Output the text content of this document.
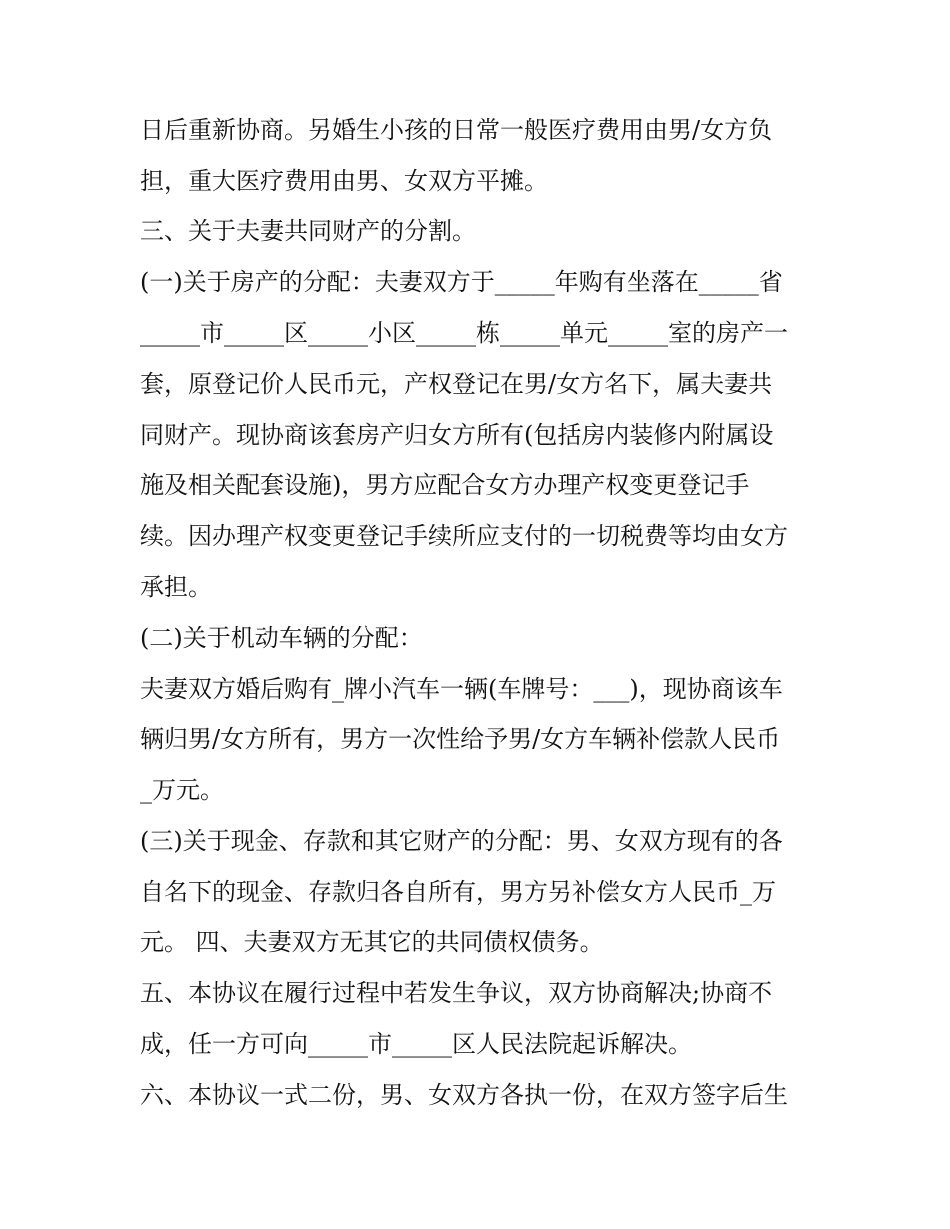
日后重新协商。另婚生小孩的日常一般医疗费用由男/女方负

担，重大医疗费用由男、女双方平摊。

三、关于夫妻共同财产的分割。

(一)关于房产的分配：夫妻双方于_____年购有坐落在_____省

_____市_____区_____小区_____栋_____单元_____室的房产一

套，原登记价人民币元，产权登记在男/女方名下，属夫妻共

同财产。现协商该套房产归女方所有(包括房内装修内附属设

施及相关配套设施)，男方应配合女方办理产权变更登记手

续。因办理产权变更登记手续所应支付的一切税费等均由女方

承担。

(二)关于机动车辆的分配：

夫妻双方婚后购有_牌小汽车一辆(车牌号：___)，现协商该车

辆归男/女方所有，男方一次性给予男/女方车辆补偿款人民币

_万元。

(三)关于现金、存款和其它财产的分配：男、女双方现有的各

自名下的现金、存款归各自所有，男方另补偿女方人民币_万

元。 四、夫妻双方无其它的共同债权债务。

五、本协议在履行过程中若发生争议，双方协商解决;协商不

成，任一方可向_____市_____区人民法院起诉解决。

六、本协议一式二份，男、女双方各执一份，在双方签字后生
